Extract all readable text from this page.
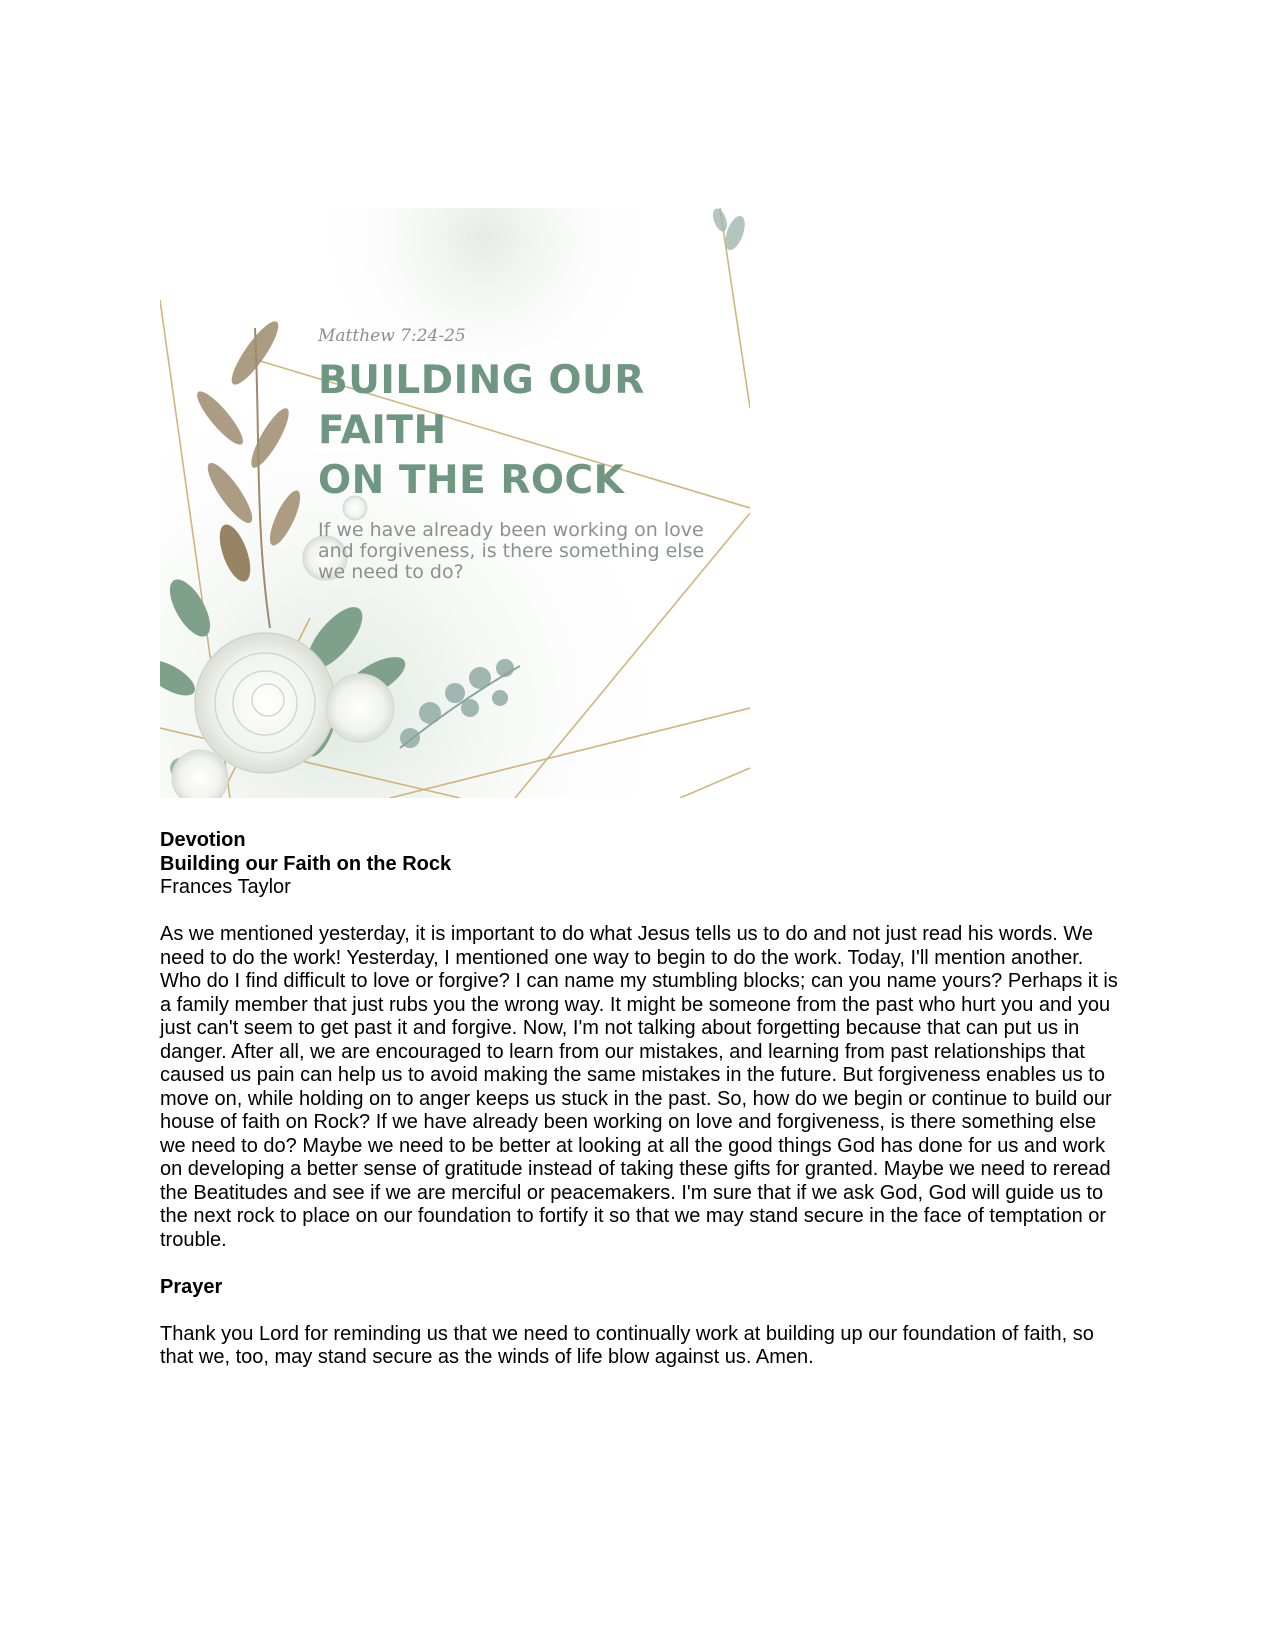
Matthew 7:24-25

BUILDING OUR FAITH

ON THE ROCK

If we have already been working on love and forgiveness, is there something else we need to do?

Devotion

Building our Faith on the Rock

Frances Taylor

As we mentioned yesterday, it is important to do what Jesus tells us to do and not just read his words. We need to do the work! Yesterday, I mentioned one way to begin to do the work. Today, I'll mention another. Who do I find difficult to love or forgive? I can name my stumbling blocks; can you name yours? Perhaps it is a family member that just rubs you the wrong way. It might be someone from the past who hurt you and you just can't seem to get past it and forgive. Now, I'm not talking about forgetting because that can put us in danger. After all, we are encouraged to learn from our mistakes, and learning from past relationships that caused us pain can help us to avoid making the same mistakes in the future. But forgiveness enables us to move on, while holding on to anger keeps us stuck in the past. So, how do we begin or continue to build our house of faith on Rock? If we have already been working on love and forgiveness, is there something else we need to do? Maybe we need to be better at looking at all the good things God has done for us and work on developing a better sense of gratitude instead of taking these gifts for granted. Maybe we need to reread the Beatitudes and see if we are merciful or peacemakers. I'm sure that if we ask God, God will guide us to the next rock to place on our foundation to fortify it so that we may stand secure in the face of temptation or trouble.

Prayer

Thank you Lord for reminding us that we need to continually work at building up our foundation of faith, so that we, too, may stand secure as the winds of life blow against us. Amen.
